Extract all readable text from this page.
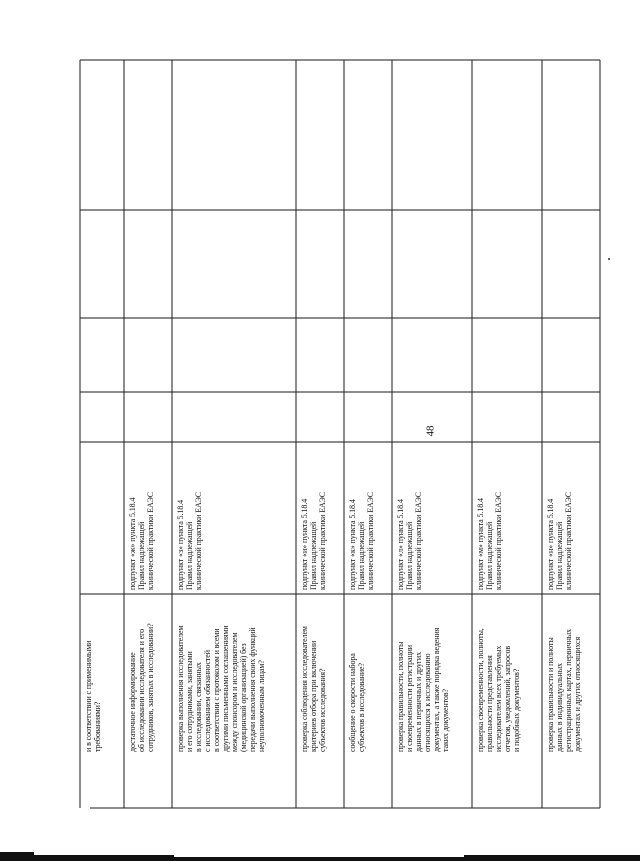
48
и в соответствии с применимыми
требованиями?	достаточное информирование
об исследовании исследователя и его
сотрудников, занятых в исследовании?
подпункт «ж» пункта 5.18.4
Правил надлежащей
клинической практики ЕАЭС
проверка выполнения исследователем
и его сотрудниками, занятыми
в исследовании, связанных
с исследованием обязанностей
в соответствии с протоколом и всеми
другими письменными соглашениями
между спонсором и исследователем
(медицинской организацией) без
передачи выполнения своих функций
неуполномоченным лицам?
подпункт «з» пункта 5.18.4
Правил надлежащей
клинической практики ЕАЭС
проверка соблюдения исследователем
критериев отбора при включении
субъектов исследования?
подпункт «и» пункта 5.18.4
Правил надлежащей
клинической практики ЕАЭС
сообщение о скорости набора
субъектов в исследование?
подпункт «к» пункта 5.18.4
Правил надлежащей
клинической практики ЕАЭС
проверка правильности, полноты
и своевременности регистрации
данных в первичных и других
относящихся к исследованию
документах, а также порядка ведения
таких документов?
подпункт «л» пункта 5.18.4
Правил надлежащей
клинической практики ЕАЭС
проверка своевременности, полноты,
правильности представления
исследователем всех требуемых
отчетов, уведомлений, запросов
и подобных документов?
подпункт «м» пункта 5.18.4
Правил надлежащей
клинической практики ЕАЭС
проверка правильности и полноты
данных в индивидуальных
регистрационных картах, первичных
документах и других относящихся
подпункт «н» пункта 5.18.4
Правил надлежащей
клинической практики ЕАЭС
